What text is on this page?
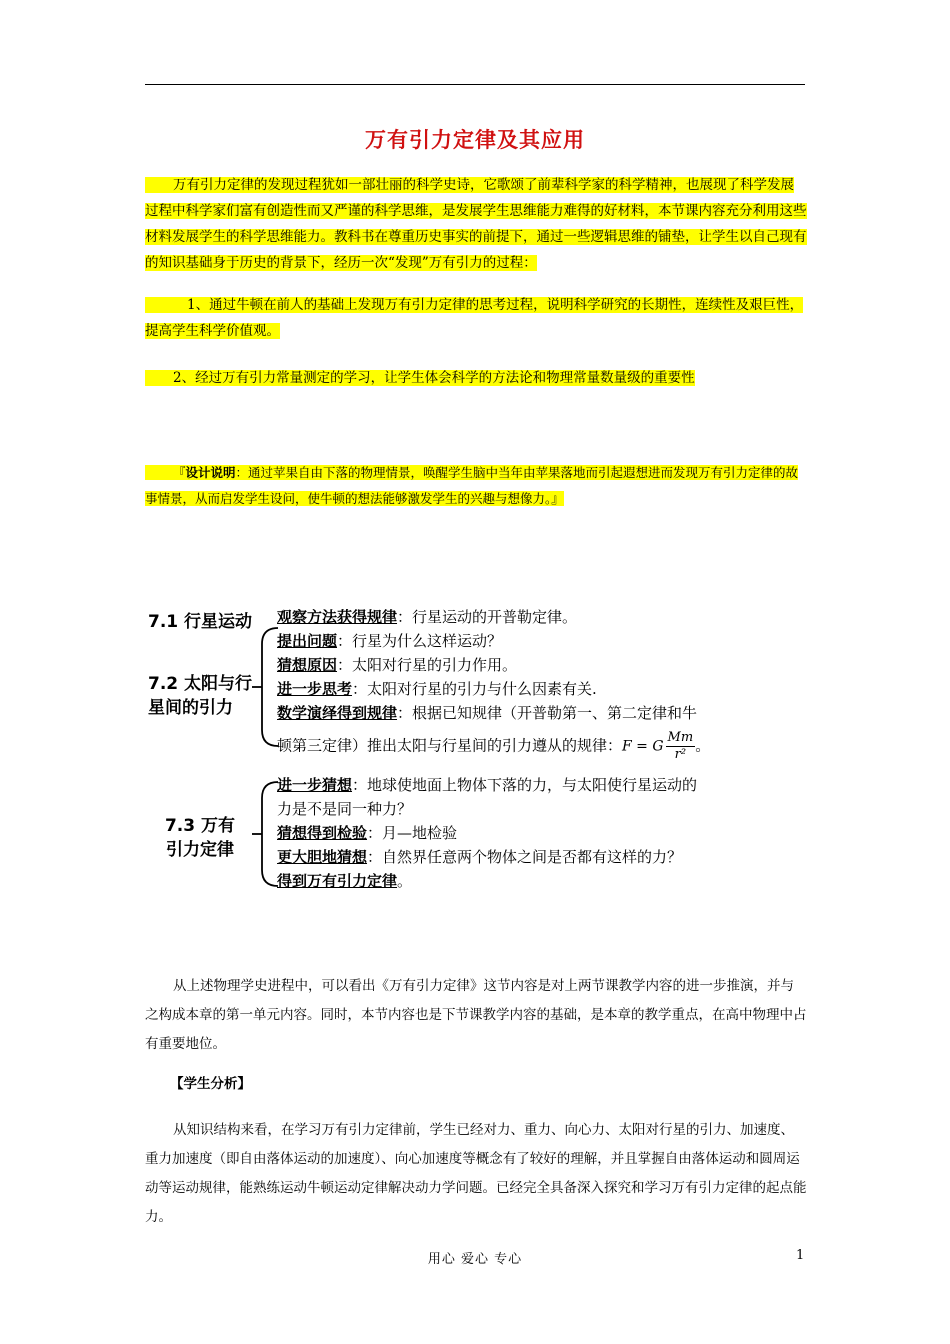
万有引力定律及其应用
万有引力定律的发现过程犹如一部壮丽的科学史诗，它歌颂了前辈科学家的科学精神，也展现了科学发展过程中科学家们富有创造性而又严谨的科学思维，是发展学生思维能力难得的好材料，本节课内容充分利用这些材料发展学生的科学思维能力。教科书在尊重历史事实的前提下，通过一些逻辑思维的铺垫，让学生以自己现有的知识基础身于历史的背景下，经历一次“发现”万有引力的过程：
1、通过牛顿在前人的基础上发现万有引力定律的思考过程，说明科学研究的长期性，连续性及艰巨性，提高学生科学价值观。
2、经过万有引力常量测定的学习，让学生体会科学的方法论和物理常量数量级的重要性
『设计说明：通过苹果自由下落的物理情景，唤醒学生脑中当年由苹果落地而引起遐想进而发现万有引力定律的故事情景，从而启发学生设问，使牛顿的想法能够激发学生的兴趣与想像力。』
7.1 行星运动
7.2 太阳与行星间的引力
7.3 万有引力定律
观察方法获得规律：行星运动的开普勒定律。
提出问题：行星为什么这样运动？
猜想原因：太阳对行星的引力作用。
进一步思考：太阳对行星的引力与什么因素有关.
数学演绎得到规律：根据已知规律（开普勒第一、第二定律和牛
顿第三定律）推出太阳与行星间的引力遵从的规律：F = G $\frac{Mm}{\text{r²}}$ 。
进一步猜想：地球使地面上物体下落的力，与太阳使行星运动的
力是不是同一种力？
猜想得到检验：月—地检验
更大胆地猜想：自然界任意两个物体之间是否都有这样的力？
得到万有引力定律。
从上述物理学史进程中，可以看出《万有引力定律》这节内容是对上两节课教学内容的进一步推演，并与之构成本章的第一单元内容。同时，本节内容也是下节课教学内容的基础，是本章的教学重点，在高中物理中占有重要地位。
【学生分析】
从知识结构来看，在学习万有引力定律前，学生已经对力、重力、向心力、太阳对行星的引力、加速度、重力加速度（即自由落体运动的加速度）、向心加速度等概念有了较好的理解，并且掌握自由落体运动和圆周运动等运动规律，能熟练运动牛顿运动定律解决动力学问题。已经完全具备深入探究和学习万有引力定律的起点能力。
用心 爱心 专心	1
